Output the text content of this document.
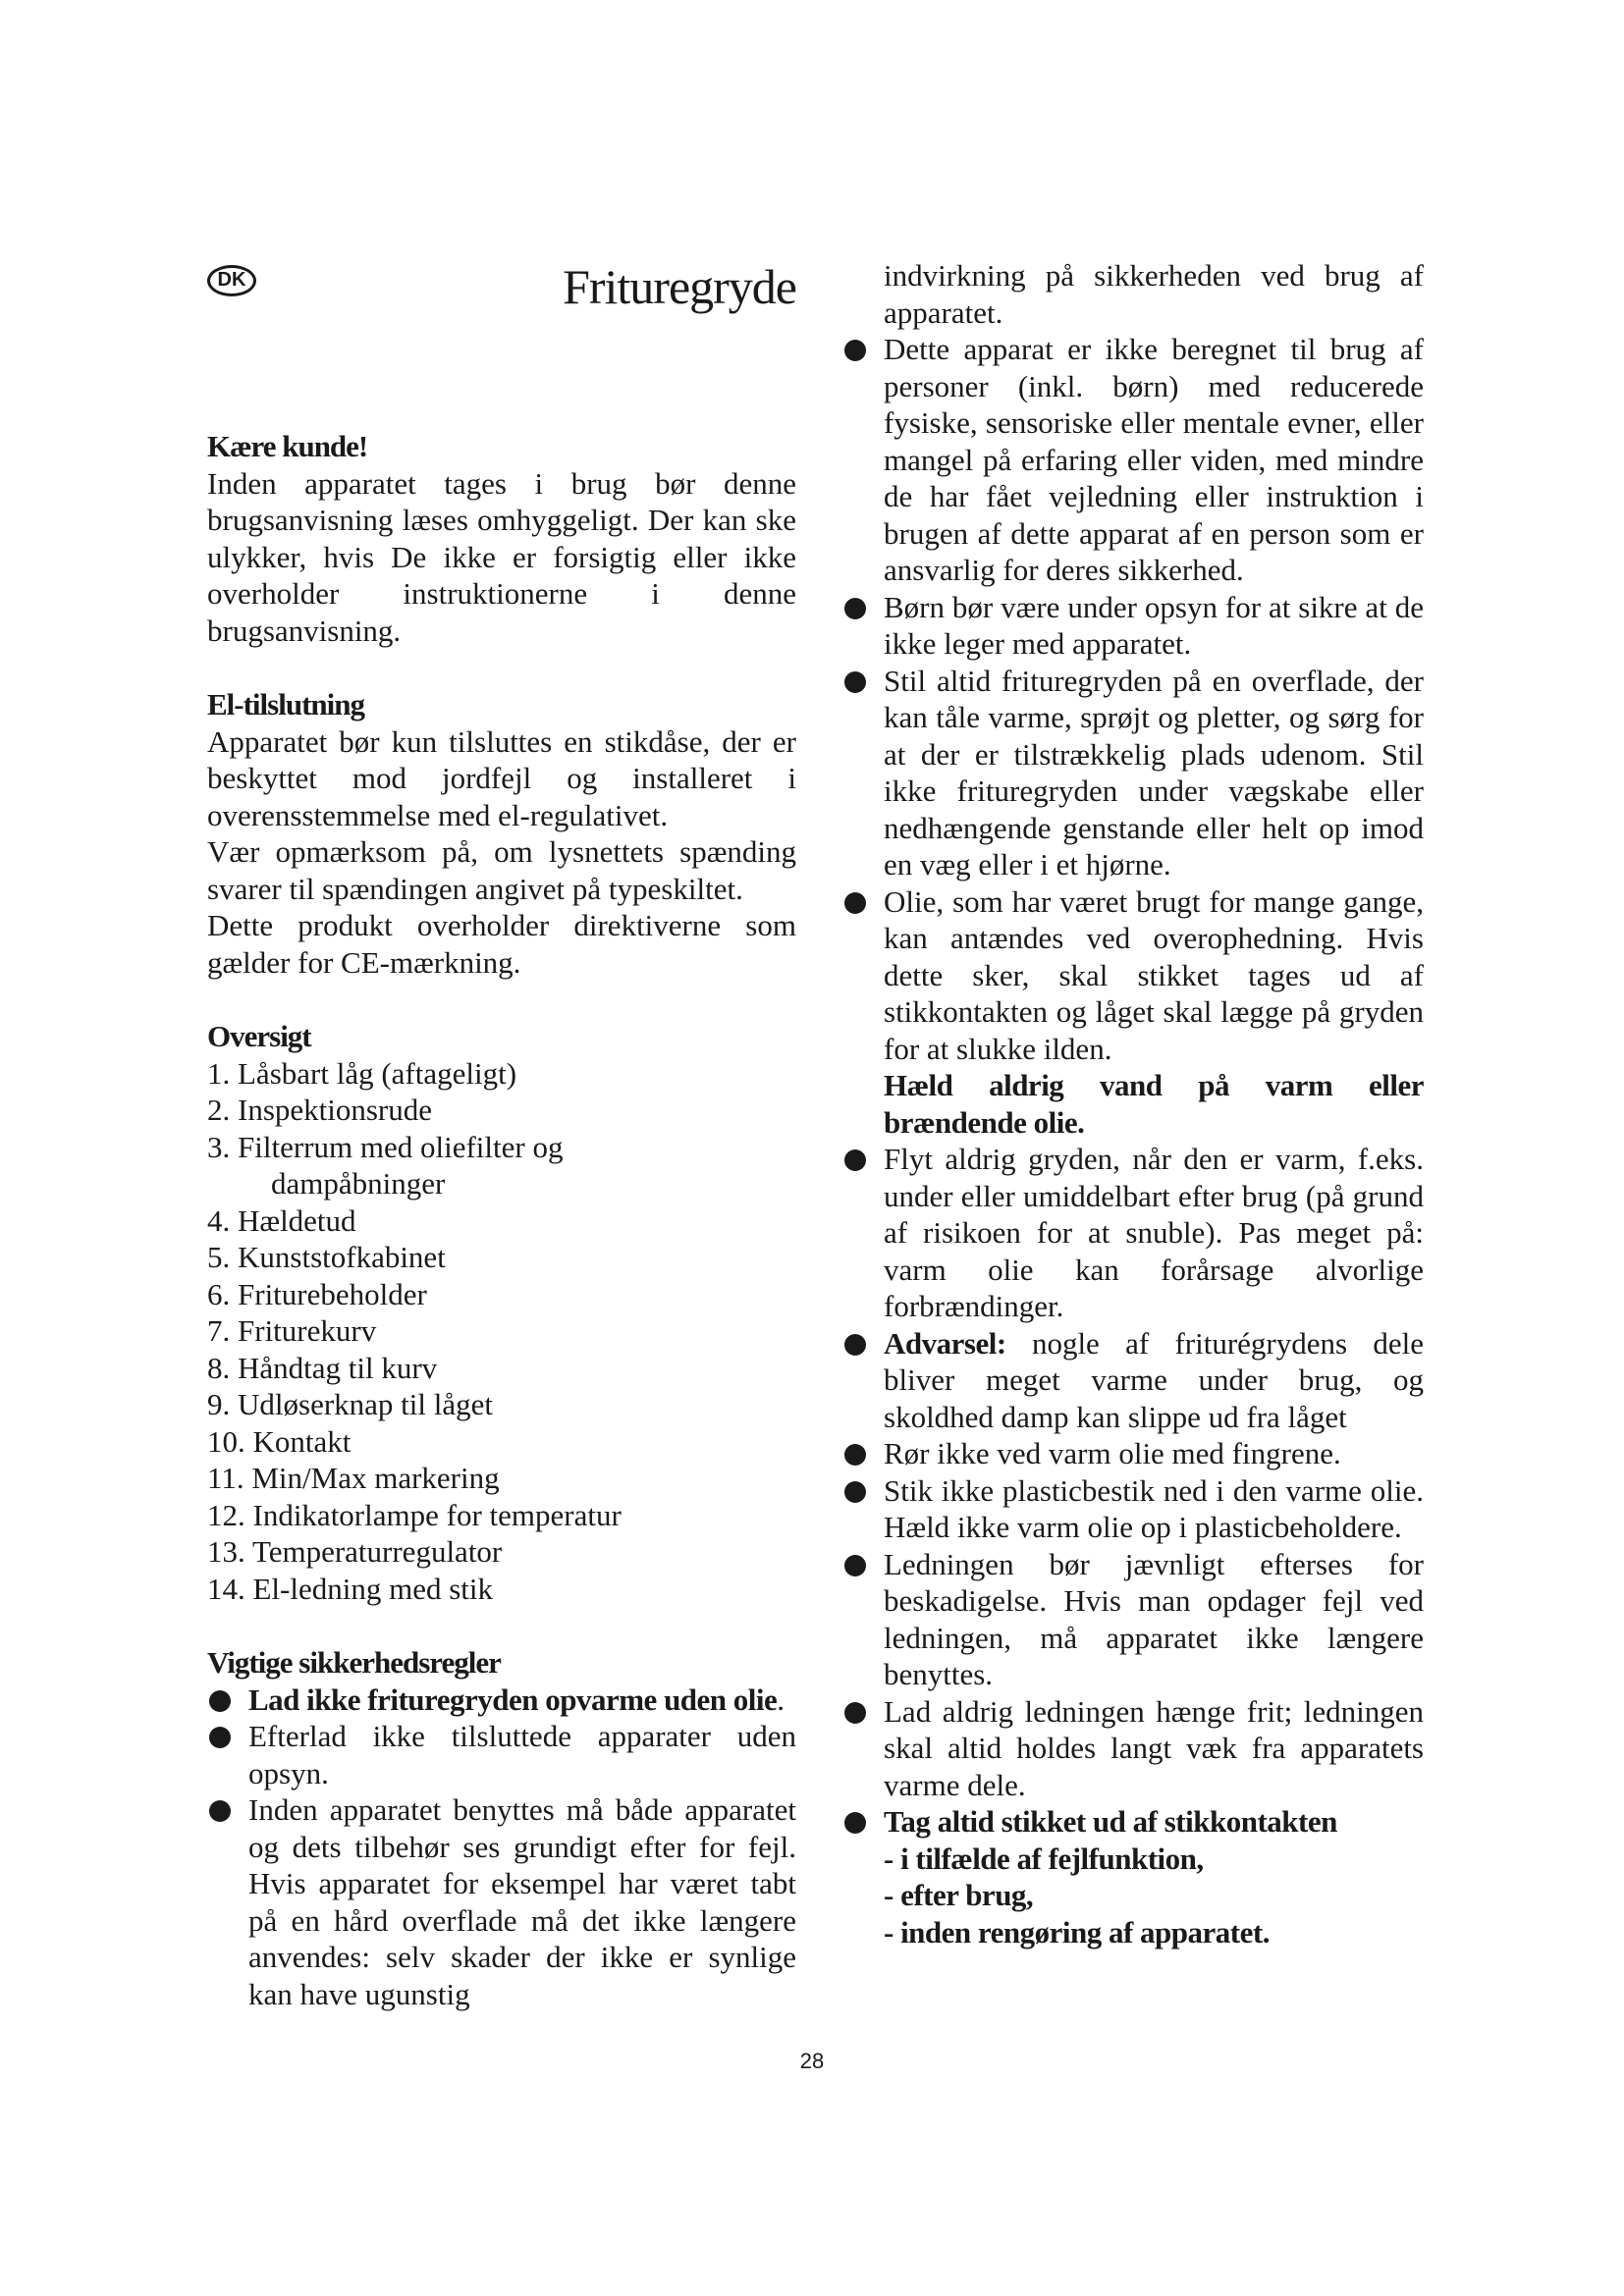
DK	Frituregryde

Kære kunde!

Inden apparatet tages i brug bør denne brugsanvisning læses omhyggeligt. Der kan ske ulykker, hvis De ikke er forsigtig eller ikke overholder instruktionerne i denne brugsanvisning.

El-tilslutning

Apparatet bør kun tilsluttes en stikdåse, der er beskyttet mod jordfejl og installeret i overensstemmelse med el-regulativet.

Vær opmærksom på, om lysnettets spænding svarer til spændingen angivet på typeskiltet.

Dette produkt overholder direktiverne som gælder for CE-mærkning.

Oversigt

1. Låsbart låg (aftageligt)
2. Inspektionsrude
3. Filterrum med oliefilter og
dampåbninger
4. Hældetud
5. Kunststofkabinet
6. Friturebeholder
7. Friturekurv
8. Håndtag til kurv
9. Udløserknap til låget
10. Kontakt
11. Min/Max markering
12. Indikatorlampe for temperatur
13. Temperaturregulator
14. El-ledning med stik

Vigtige sikkerhedsregler

Lad ikke frituregryden opvarme uden olie.
Efterlad ikke tilsluttede apparater uden opsyn.
Inden apparatet benyttes må både apparatet og dets tilbehør ses grundigt efter for fejl. Hvis apparatet for eksempel har været tabt på en hård overflade må det ikke længere anvendes: selv skader der ikke er synlige kan have ugunstig
indvirkning på sikkerheden ved brug af apparatet.
Dette apparat er ikke beregnet til brug af personer (inkl. børn) med reducerede fysiske, sensoriske eller mentale evner, eller mangel på erfaring eller viden, med mindre de har fået vejledning eller instruktion i brugen af dette apparat af en person som er ansvarlig for deres sikkerhed.
Børn bør være under opsyn for at sikre at de ikke leger med apparatet.
Stil altid frituregryden på en overflade, der kan tåle varme, sprøjt og pletter, og sørg for at der er tilstrækkelig plads udenom. Stil ikke frituregryden under vægskabe eller nedhængende genstande eller helt op imod en væg eller i et hjørne.
Olie, som har været brugt for mange gange, kan antændes ved overophedning. Hvis dette sker, skal stikket tages ud af stikkontakten og låget skal lægge på gryden for at slukke ilden.
Hæld aldrig vand på varm eller brændende olie.
Flyt aldrig gryden, når den er varm, f.eks. under eller umiddelbart efter brug (på grund af risikoen for at snuble). Pas meget på: varm olie kan forårsage alvorlige forbrændinger.
Advarsel: nogle af friturégrydens dele bliver meget varme under brug, og skoldhed damp kan slippe ud fra låget
Rør ikke ved varm olie med fingrene.
Stik ikke plasticbestik ned i den varme olie. Hæld ikke varm olie op i plasticbeholdere.
Ledningen bør jævnligt efterses for beskadigelse. Hvis man opdager fejl ved ledningen, må apparatet ikke længere benyttes.
Lad aldrig ledningen hænge frit; ledningen skal altid holdes langt væk fra apparatets varme dele.
Tag altid stikket ud af stikkontakten
- i tilfælde af fejlfunktion,
- efter brug,
- inden rengøring af apparatet.
28
